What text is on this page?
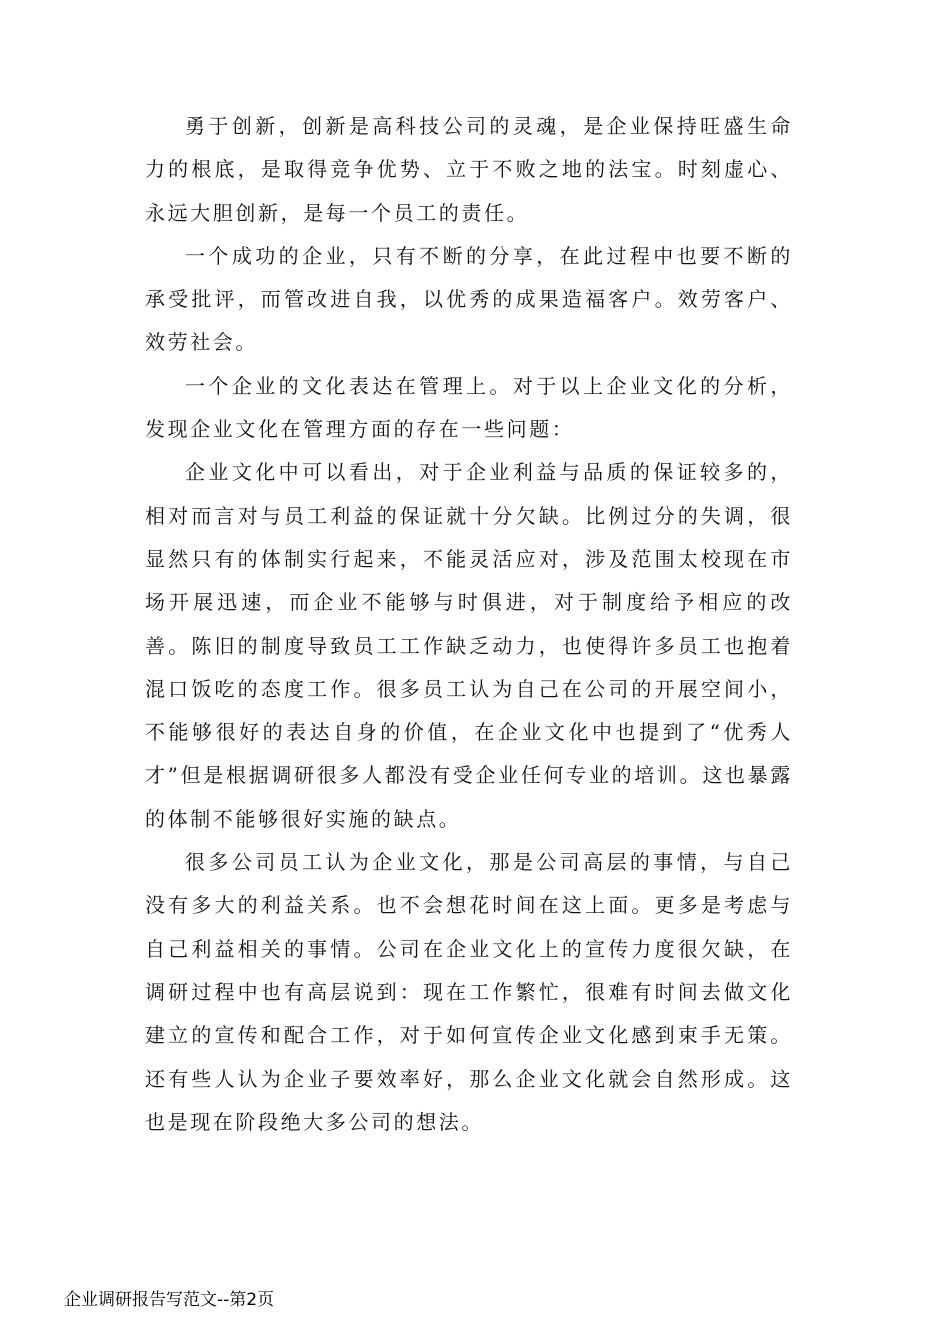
勇于创新，创新是高科技公司的灵魂，是企业保持旺盛生命力的根底，是取得竞争优势、立于不败之地的法宝。时刻虚心、永远大胆创新，是每一个员工的责任。

一个成功的企业，只有不断的分享，在此过程中也要不断的承受批评，而管改进自我，以优秀的成果造福客户。效劳客户、效劳社会。

一个企业的文化表达在管理上。对于以上企业文化的分析，发现企业文化在管理方面的存在一些问题：

企业文化中可以看出，对于企业利益与品质的保证较多的，相对而言对与员工利益的保证就十分欠缺。比例过分的失调，很显然只有的体制实行起来，不能灵活应对，涉及范围太校现在市场开展迅速，而企业不能够与时俱进，对于制度给予相应的改善。陈旧的制度导致员工工作缺乏动力，也使得许多员工也抱着混口饭吃的态度工作。很多员工认为自己在公司的开展空间小，不能够很好的表达自身的价值，在企业文化中也提到了“优秀人才”但是根据调研很多人都没有受企业任何专业的培训。这也暴露的体制不能够很好实施的缺点。

很多公司员工认为企业文化，那是公司高层的事情，与自己没有多大的利益关系。也不会想花时间在这上面。更多是考虑与自己利益相关的事情。公司在企业文化上的宣传力度很欠缺，在调研过程中也有高层说到：现在工作繁忙，很难有时间去做文化建立的宣传和配合工作，对于如何宣传企业文化感到束手无策。还有些人认为企业子要效率好，那么企业文化就会自然形成。这也是现在阶段绝大多公司的想法。

企业调研报告写范文--第2页
